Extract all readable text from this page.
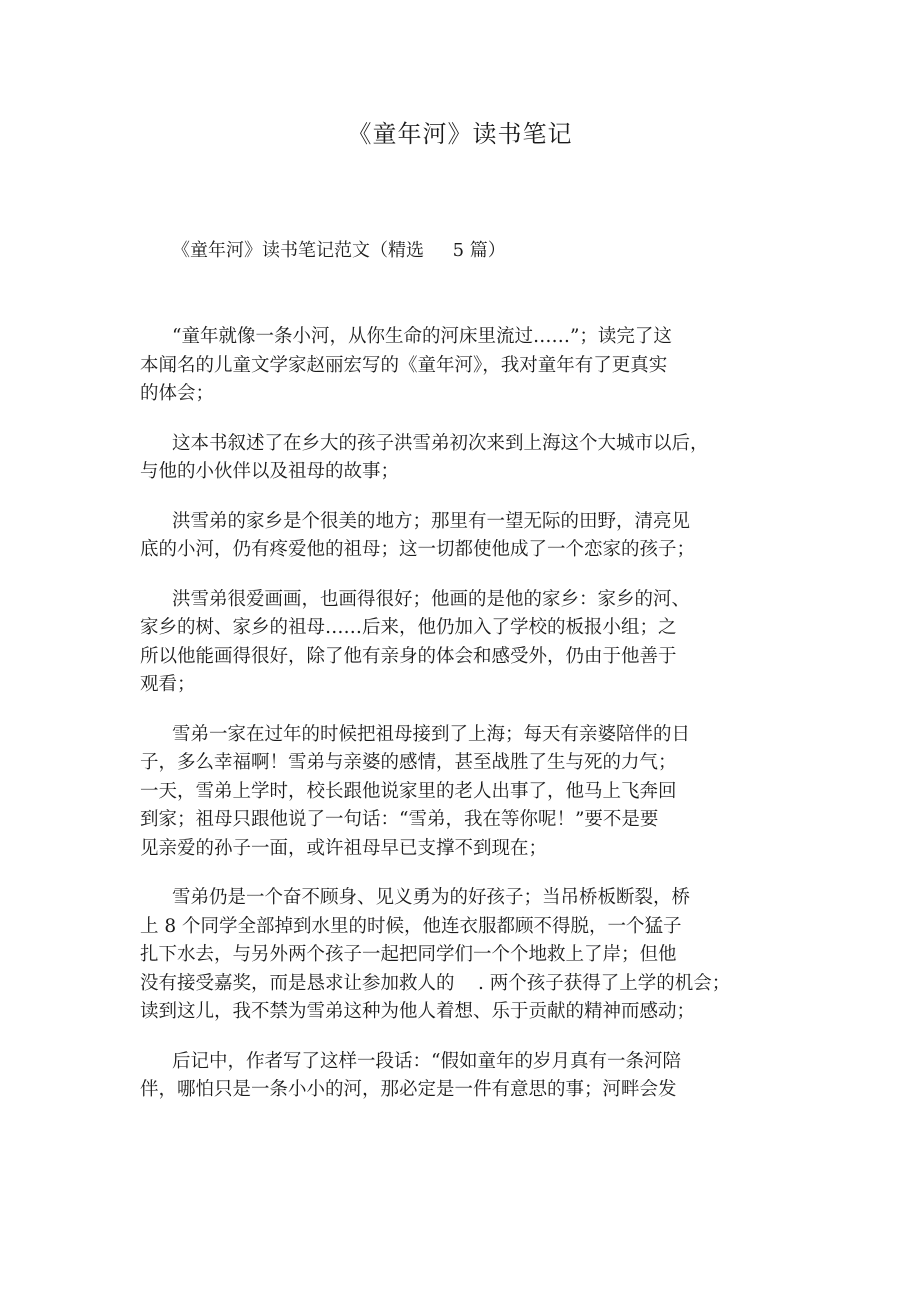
《童年河》读书笔记
《童年河》读书笔记范文（精选     5 篇）
“童年就像一条小河，从你生命的河床里流过……”；读完了这
本闻名的儿童文学家赵丽宏写的《童年河》，我对童年有了更真实
的体会；
这本书叙述了在乡大的孩子洪雪弟初次来到上海这个大城市以后，
与他的小伙伴以及祖母的故事；
洪雪弟的家乡是个很美的地方；那里有一望无际的田野，清亮见
底的小河，仍有疼爱他的祖母；这一切都使他成了一个恋家的孩子；
洪雪弟很爱画画，也画得很好；他画的是他的家乡：家乡的河、
家乡的树、家乡的祖母……后来，他仍加入了学校的板报小组；之
所以他能画得很好，除了他有亲身的体会和感受外，仍由于他善于
观看；
雪弟一家在过年的时候把祖母接到了上海；每天有亲婆陪伴的日
子，多么幸福啊！雪弟与亲婆的感情，甚至战胜了生与死的力气；
一天，雪弟上学时，校长跟他说家里的老人出事了，他马上飞奔回
到家；祖母只跟他说了一句话：“雪弟，我在等你呢！”要不是要
见亲爱的孙子一面，或许祖母早已支撑不到现在；
雪弟仍是一个奋不顾身、见义勇为的好孩子；当吊桥板断裂，桥
上 8 个同学全部掉到水里的时候，他连衣服都顾不得脱，一个猛子
扎下水去，与另外两个孩子一起把同学们一个个地救上了岸；但他
没有接受嘉奖，而是恳求让参加救人的    . 两个孩子获得了上学的机会；
读到这儿，我不禁为雪弟这种为他人着想、乐于贡献的精神而感动；
后记中，作者写了这样一段话：“假如童年的岁月真有一条河陪
伴，哪怕只是一条小小的河，那必定是一件有意思的事；河畔会发
